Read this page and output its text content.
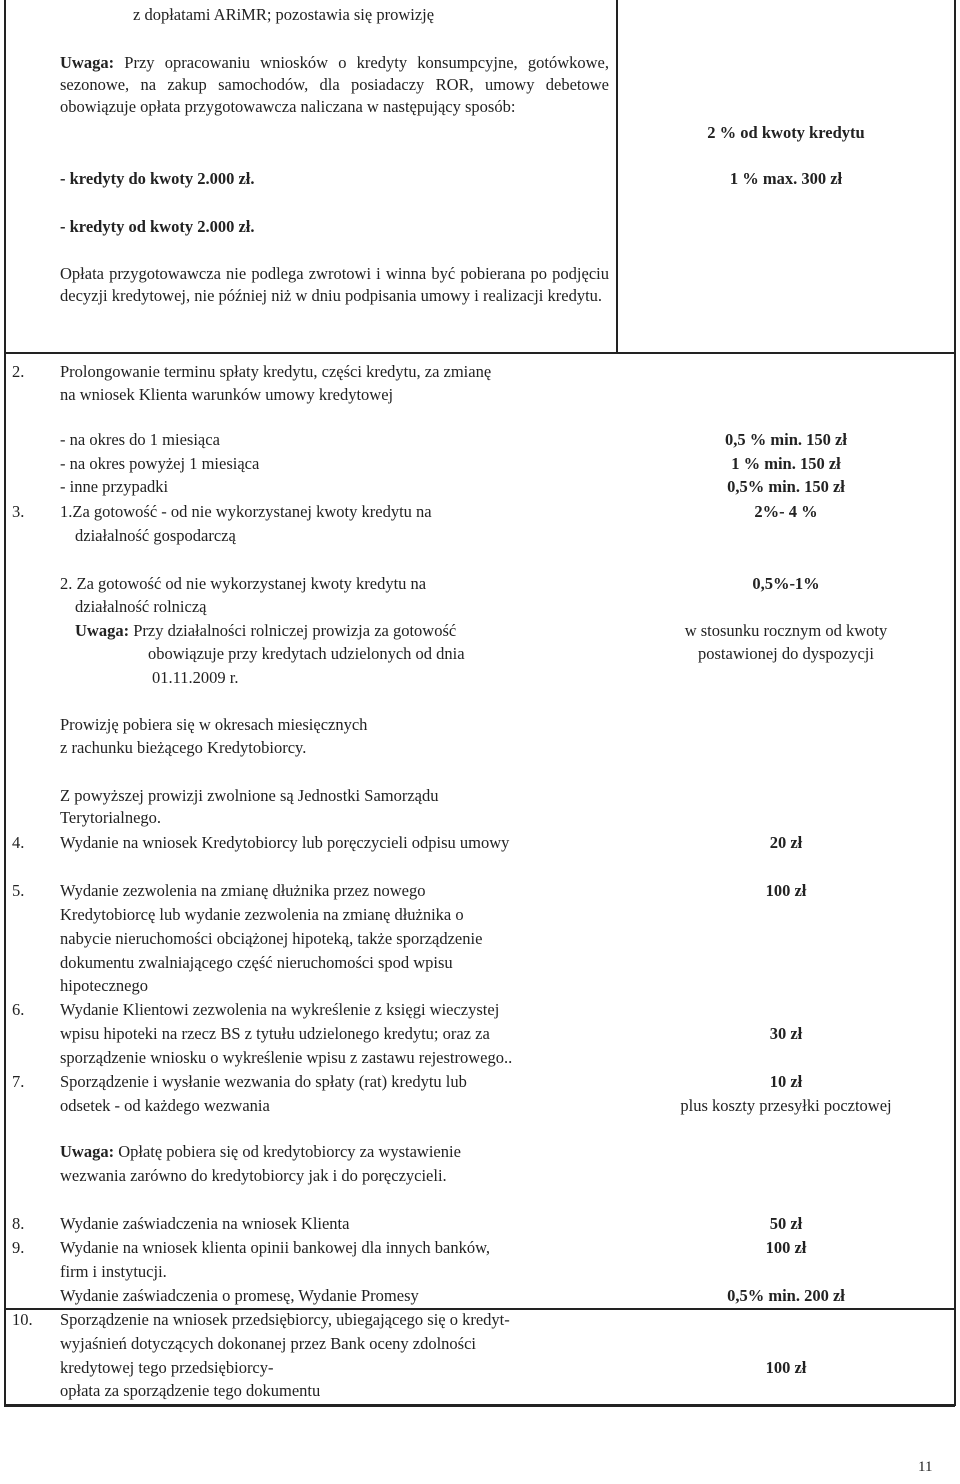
z dopłatami ARiMR; pozostawia się prowizję
Uwaga: Przy opracowaniu wniosków o kredyty konsumpcyjne, gotówkowe, sezonowe, na zakup samochodów, dla posiadaczy ROR, umowy debetowe obowiązuje opłata przygotowawcza naliczana w następujący sposób:
- kredyty do kwoty 2.000 zł.
- kredyty od kwoty 2.000 zł.
2 % od kwoty kredytu
1 % max. 300 zł
Opłata przygotowawcza nie podlega zwrotowi i winna być pobierana po podjęciu decyzji kredytowej, nie później niż w dniu podpisania umowy i realizacji kredytu.
2. Prolongowanie terminu spłaty kredytu, części kredytu, za zmianę
na wniosek Klienta warunków umowy kredytowej
- na okres do 1 miesiąca
- na okres powyżej 1 miesiąca
- inne przypadki
0,5 % min. 150 zł
1 % min. 150 zł
0,5% min. 150 zł
3. 1.Za gotowość - od nie wykorzystanej kwoty kredytu na
działalność gospodarczą
2%- 4 %
2. Za gotowość od nie wykorzystanej kwoty kredytu na
działalność rolniczą
Uwaga: Przy działalności rolniczej prowizja za gotowość
obowiązuje przy kredytach udzielonych od dnia
01.11.2009 r.
0,5%-1%
w stosunku rocznym od kwoty
postawionej do dyspozycji
Prowizję pobiera się w okresach miesięcznych
z rachunku bieżącego Kredytobiorcy.
Z powyższej prowizji zwolnione są Jednostki Samorządu
Terytorialnego.
4. Wydanie na wniosek Kredytobiorcy lub poręczycieli odpisu umowy	20 zł
5. Wydanie zezwolenia na zmianę dłużnika przez nowego
Kredytobiorcę lub wydanie zezwolenia na zmianę dłużnika o
nabycie nieruchomości obciążonej hipoteką, także sporządzenie
dokumentu zwalniającego część nieruchomości spod wpisu
hipotecznego
100 zł
6. Wydanie Klientowi zezwolenia na wykreślenie z księgi wieczystej
wpisu hipoteki na rzecz BS z tytułu udzielonego kredytu; oraz za
sporządzenie wniosku o wykreślenie wpisu z zastawu rejestrowego..
30 zł
7. Sporządzenie i wysłanie wezwania do spłaty (rat) kredytu lub
odsetek - od każdego wezwania
10 zł
plus koszty przesyłki pocztowej
Uwaga: Opłatę pobiera się od kredytobiorcy za wystawienie
wezwania zarówno do kredytobiorcy jak i do poręczycieli.
8. Wydanie zaświadczenia na wniosek Klienta	50 zł
9. Wydanie na wniosek klienta opinii bankowej dla innych banków,
firm i instytucji.
Wydanie zaświadczenia o promesę, Wydanie Promesy
100 zł
0,5% min. 200 zł
10. Sporządzenie na wniosek przedsiębiorcy, ubiegającego się o kredyt-
wyjaśnień dotyczących dokonanej przez Bank oceny zdolności
kredytowej tego przedsiębiorcy-
opłata za sporządzenie tego dokumentu
100 zł
11
